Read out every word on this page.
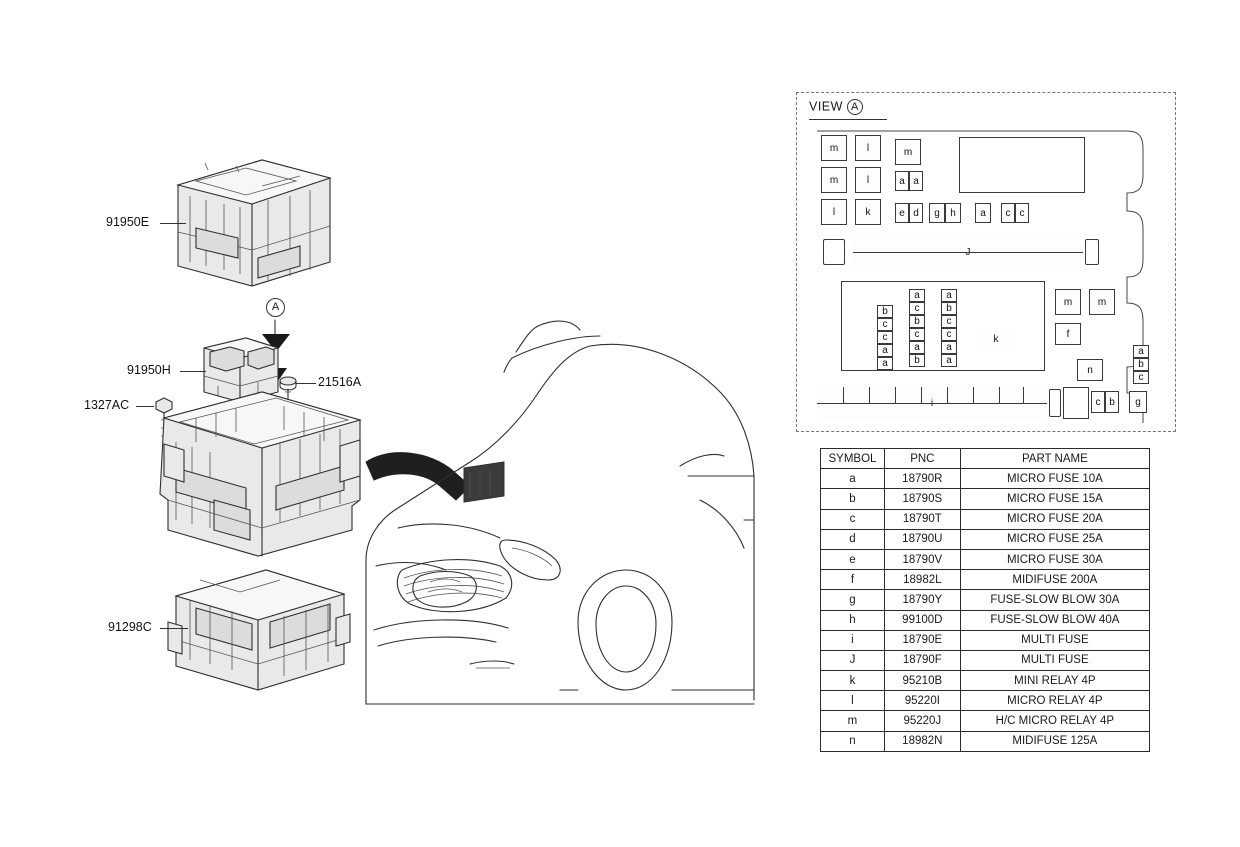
91950E
91950H
21516A
1327AC
91298C
A
VIEW A
m	l	m
m	l	a a
l	k	e d g h a c c
b
c
c
a
a
a
c
b
c
a
b
a
b
c
c
a
a
k
m	m
f
n
a
b
c
c b g
SYMBOL	PNC	PART NAME
a	18790R	MICRO FUSE 10A
b	18790S	MICRO FUSE 15A
c	18790T	MICRO FUSE 20A
d	18790U	MICRO FUSE 25A
e	18790V	MICRO FUSE 30A
f	18982L	MIDIFUSE 200A
g	18790Y	FUSE-SLOW BLOW 30A
h	99100D	FUSE-SLOW BLOW 40A
i	18790E	MULTI FUSE
J	18790F	MULTI FUSE
k	95210B	MINI RELAY 4P
l	95220I	MICRO RELAY 4P
m	95220J	H/C MICRO RELAY 4P
n	18982N	MIDIFUSE 125A
